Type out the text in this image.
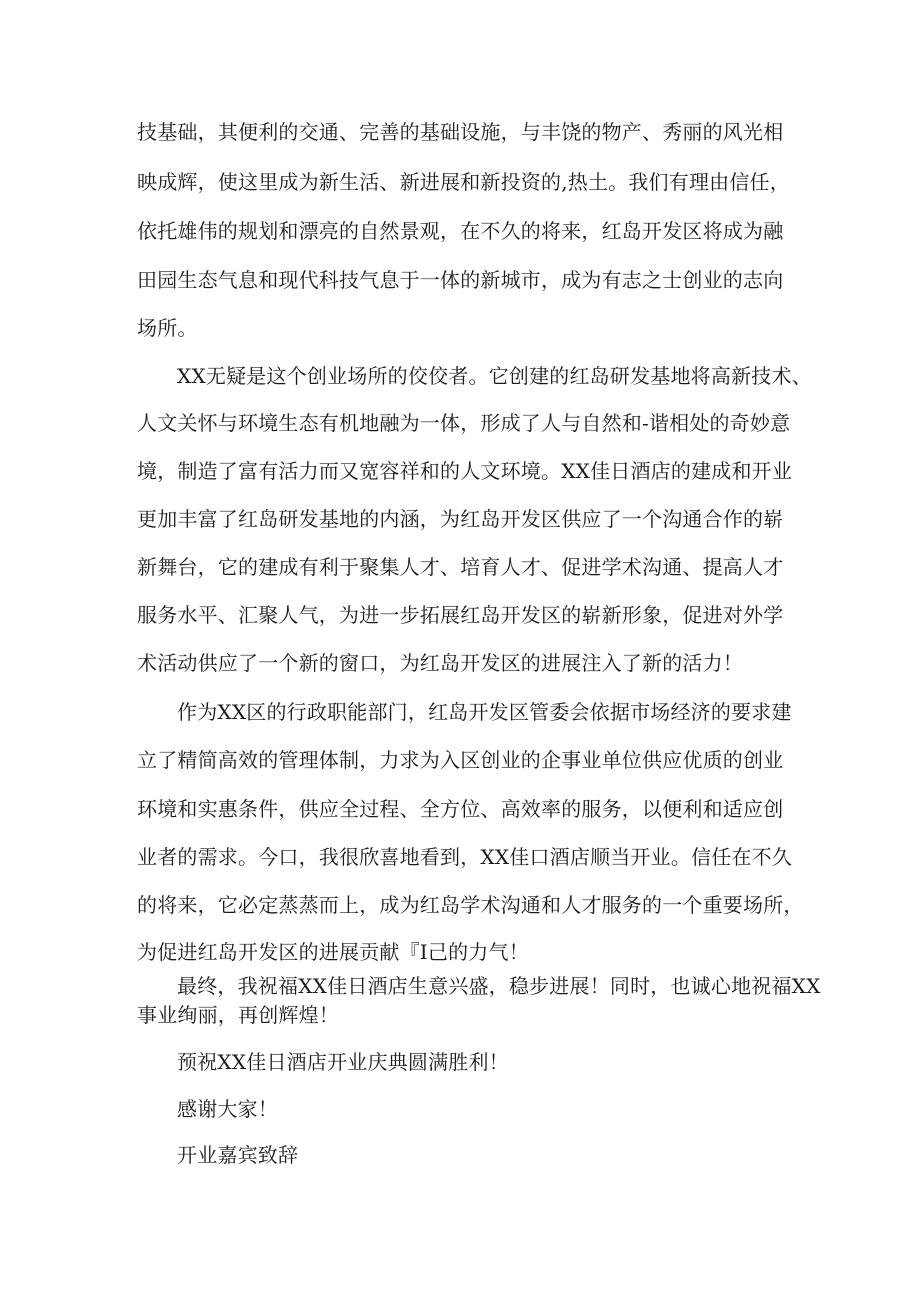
技基础，其便利的交通、完善的基础设施，与丰饶的物产、秀丽的风光相
映成辉，使这里成为新生活、新进展和新投资的,热土。我们有理由信任，
依托雄伟的规划和漂亮的自然景观，在不久的将来，红岛开发区将成为融
田园生态气息和现代科技气息于一体的新城市，成为有志之士创业的志向
场所。
XX无疑是这个创业场所的佼佼者。它创建的红岛研发基地将高新技术、
人文关怀与环境生态有机地融为一体，形成了人与自然和-谐相处的奇妙意
境，制造了富有活力而又宽容祥和的人文环境。XX佳日酒店的建成和开业
更加丰富了红岛研发基地的内涵，为红岛开发区供应了一个沟通合作的崭
新舞台，它的建成有利于聚集人才、培育人才、促进学术沟通、提高人才
服务水平、汇聚人气，为进一步拓展红岛开发区的崭新形象，促进对外学
术活动供应了一个新的窗口，为红岛开发区的进展注入了新的活力！
作为XX区的行政职能部门，红岛开发区管委会依据市场经济的要求建
立了精简高效的管理体制，力求为入区创业的企事业单位供应优质的创业
环境和实惠条件，供应全过程、全方位、高效率的服务，以便利和适应创
业者的需求。今口，我很欣喜地看到，XX佳口酒店顺当开业。信任在不久
的将来，它必定蒸蒸而上，成为红岛学术沟通和人才服务的一个重要场所，
为促进红岛开发区的进展贡献『I己的力气！
最终，我祝福XX佳日酒店生意兴盛，稳步进展！同时，也诚心地祝福XX
事业绚丽，再创辉煌！
预祝XX佳日酒店开业庆典圆满胜利！
感谢大家！
开业嘉宾致辞
